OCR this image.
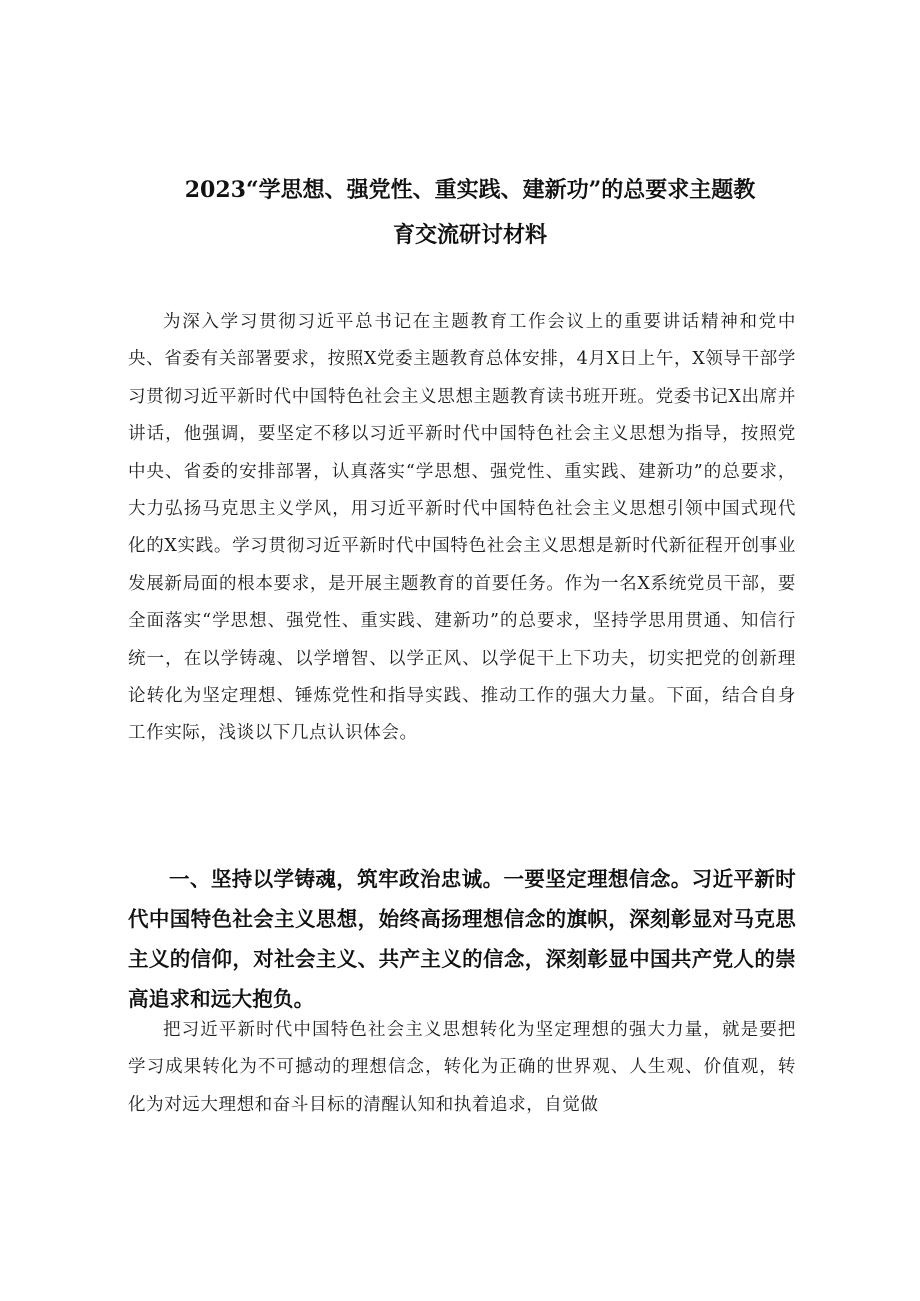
2023“学思想、强党性、重实践、建新功”的总要求主题教
育交流研讨材料

为深入学习贯彻习近平总书记在主题教育工作会议上的重要讲话精神和党中央、省委有关部署要求，按照X党委主题教育总体安排，4月X日上午，X领导干部学习贯彻习近平新时代中国特色社会主义思想主题教育读书班开班。党委书记X出席并讲话，他强调，要坚定不移以习近平新时代中国特色社会主义思想为指导，按照党中央、省委的安排部署，认真落实“学思想、强党性、重实践、建新功”的总要求，大力弘扬马克思主义学风，用习近平新时代中国特色社会主义思想引领中国式现代化的X实践。学习贯彻习近平新时代中国特色社会主义思想是新时代新征程开创事业发展新局面的根本要求，是开展主题教育的首要任务。作为一名X系统党员干部，要全面落实“学思想、强党性、重实践、建新功”的总要求，坚持学思用贯通、知信行统一，在以学铸魂、以学增智、以学正风、以学促干上下功夫，切实把党的创新理论转化为坚定理想、锤炼党性和指导实践、推动工作的强大力量。下面，结合自身工作实际，浅谈以下几点认识体会。

一、坚持以学铸魂，筑牢政治忠诚。一要坚定理想信念。习近平新时代中国特色社会主义思想，始终高扬理想信念的旗帜，深刻彰显对马克思主义的信仰，对社会主义、共产主义的信念，深刻彰显中国共产党人的崇高追求和远大抱负。

把习近平新时代中国特色社会主义思想转化为坚定理想的强大力量，就是要把学习成果转化为不可撼动的理想信念，转化为正确的世界观、人生观、价值观，转化为对远大理想和奋斗目标的清醒认知和执着追求，自觉做
